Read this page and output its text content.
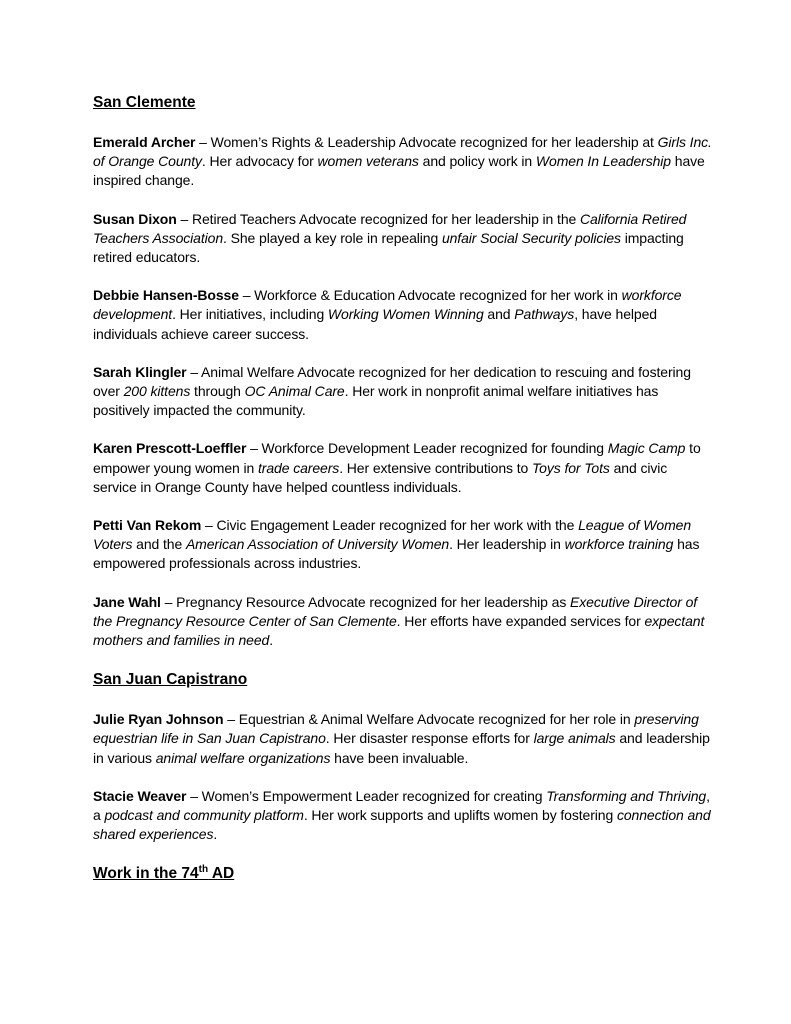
San Clemente

Emerald Archer – Women’s Rights & Leadership Advocate recognized for her leadership at Girls Inc. of Orange County. Her advocacy for women veterans and policy work in Women In Leadership have inspired change.

Susan Dixon – Retired Teachers Advocate recognized for her leadership in the California Retired Teachers Association. She played a key role in repealing unfair Social Security policies impacting retired educators.

Debbie Hansen-Bosse – Workforce & Education Advocate recognized for her work in workforce development. Her initiatives, including Working Women Winning and Pathways, have helped individuals achieve career success.

Sarah Klingler – Animal Welfare Advocate recognized for her dedication to rescuing and fostering over 200 kittens through OC Animal Care. Her work in nonprofit animal welfare initiatives has positively impacted the community.

Karen Prescott-Loeffler – Workforce Development Leader recognized for founding Magic Camp to empower young women in trade careers. Her extensive contributions to Toys for Tots and civic service in Orange County have helped countless individuals.

Petti Van Rekom – Civic Engagement Leader recognized for her work with the League of Women Voters and the American Association of University Women. Her leadership in workforce training has empowered professionals across industries.

Jane Wahl – Pregnancy Resource Advocate recognized for her leadership as Executive Director of the Pregnancy Resource Center of San Clemente. Her efforts have expanded services for expectant mothers and families in need.

San Juan Capistrano

Julie Ryan Johnson – Equestrian & Animal Welfare Advocate recognized for her role in preserving equestrian life in San Juan Capistrano. Her disaster response efforts for large animals and leadership in various animal welfare organizations have been invaluable.

Stacie Weaver – Women’s Empowerment Leader recognized for creating Transforming and Thriving, a podcast and community platform. Her work supports and uplifts women by fostering connection and shared experiences.

Work in the 74th AD
